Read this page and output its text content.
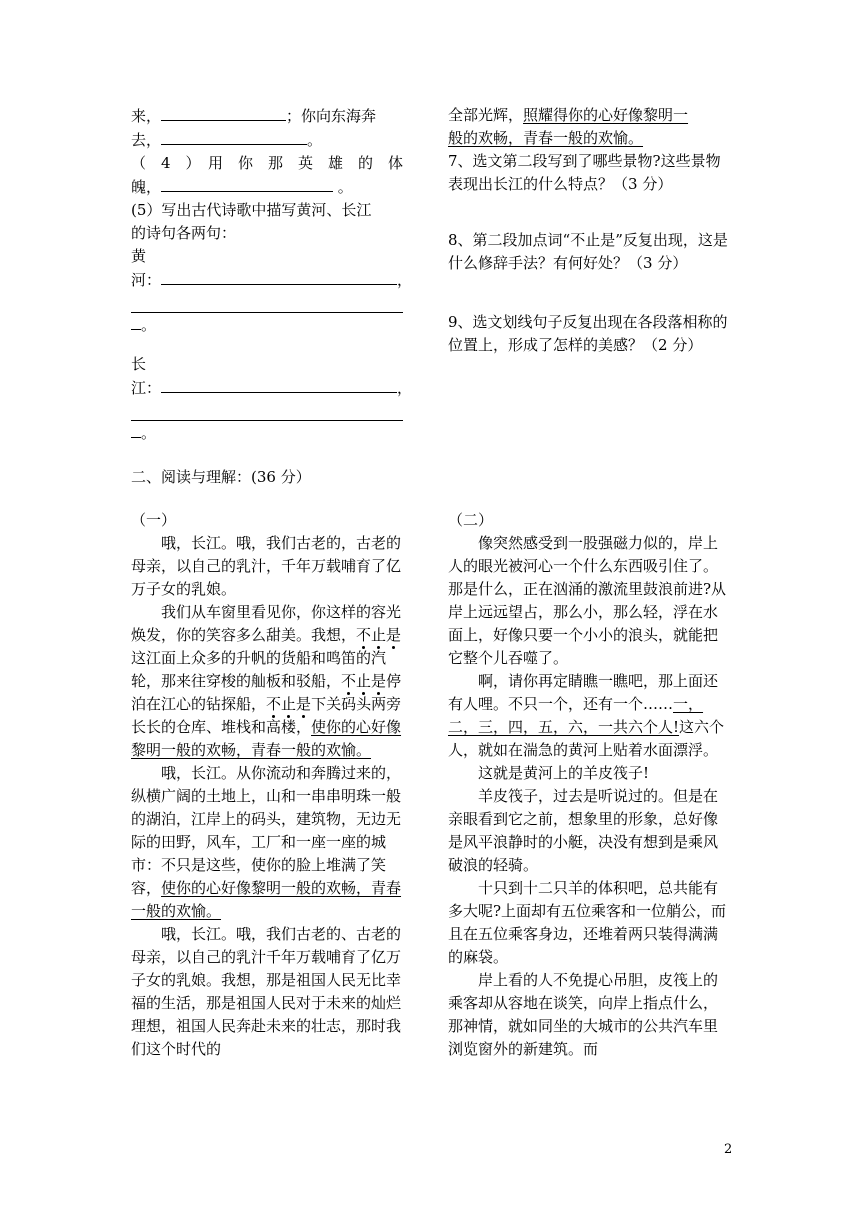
来，	；你向东海奔

去，	。

（　4　）　用　你　那　英　雄　的　体

魄，	。

(5）写出古代诗歌中描写黄河、长江

的诗句各两句：

黄

河：	，

。

长

江：	，

。

全部光辉，照耀得你的心好像黎明一

般的欢畅，青春一般的欢愉。

7、选文第二段写到了哪些景物?这些景物表现出长江的什么特点？（3 分）

8、第二段加点词“不止是”反复出现，这是什么修辞手法？有何好处？（3 分）

9、选文划线句子反复出现在各段落相称的位置上，形成了怎样的美感？（2 分）

二、阅读与理解：(36 分）

（一）

哦，长江。哦，我们古老的，古老的母亲，以自己的乳汁，千年万载哺育了亿万子女的乳娘。

我们从车窗里看见你，你这样的容光焕发，你的笑容多么甜美。我想，不止是这江面上众多的升帆的货船和鸣笛的汽轮，那来往穿梭的舢板和驳船，不止是停泊在江心的钻探船，不止是下关码头两旁长长的仓库、堆栈和高楼，使你的心好像黎明一般的欢畅，青春一般的欢愉。

哦，长江。从你流动和奔腾过来的，纵横广阔的土地上，山和一串串明珠一般的湖泊，江岸上的码头，建筑物，无边无际的田野，风车，工厂和一座一座的城市：不只是这些，使你的脸上堆满了笑容，使你的心好像黎明一般的欢畅，青春一般的欢愉。

哦，长江。哦，我们古老的、古老的母亲，以自己的乳汁千年万载哺育了亿万子女的乳娘。我想，那是祖国人民无比幸福的生活，那是祖国人民对于未来的灿烂理想，祖国人民奔赴未来的壮志，那时我们这个时代的

（二）

像突然感受到一股强磁力似的，岸上人的眼光被河心一个什么东西吸引住了。那是什么，正在汹涌的激流里鼓浪前进?从岸上远远望占，那么小，那么轻，浮在水面上，好像只要一个小小的浪头，就能把它整个儿吞噬了。

啊，请你再定睛瞧一瞧吧，那上面还有人哩。不只一个，还有一个……一，二，三，四，五，六，一共六个人!这六个人，就如在湍急的黄河上贴着水面漂浮。

这就是黄河上的羊皮筏子!

羊皮筏子，过去是听说过的。但是在亲眼看到它之前，想象里的形象，总好像是风平浪静时的小艇，决没有想到是乘风破浪的轻骑。

十只到十二只羊的体积吧，总共能有多大呢?上面却有五位乘客和一位艄公，而且在五位乘客身边，还堆着两只装得满满的麻袋。

岸上看的人不免提心吊胆，皮筏上的乘客却从容地在谈笑，向岸上指点什么，那神情，就如同坐的大城市的公共汽车里浏览窗外的新建筑。而

2
